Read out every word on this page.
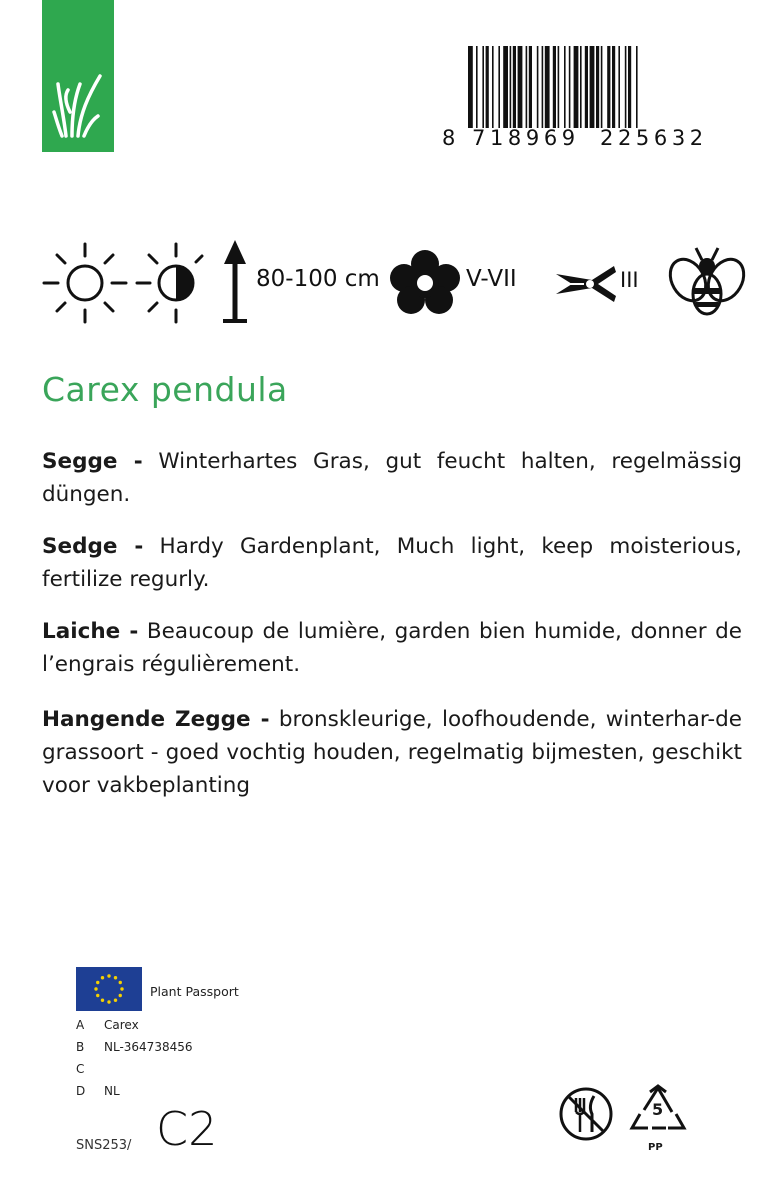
8 718969 225632
80-100 cm	V-VII	III
Carex pendula
Segge - Winterhartes Gras, gut feucht halten, regelmässig düngen.
Sedge - Hardy Gardenplant, Much light, keep moisterious, fertilize regurly.
Laiche - Beaucoup de lumière, garden bien humide, donner de l’engrais régulièrement.
Hangende Zegge - bronskleurige, loofhoudende, winterhar-de grassoort - goed vochtig houden, regelmatig bijmesten, geschikt voor vakbeplanting
Plant Passport
A Carex
B NL-364738456
C
D NL
SNS253/ C2	5
PP
